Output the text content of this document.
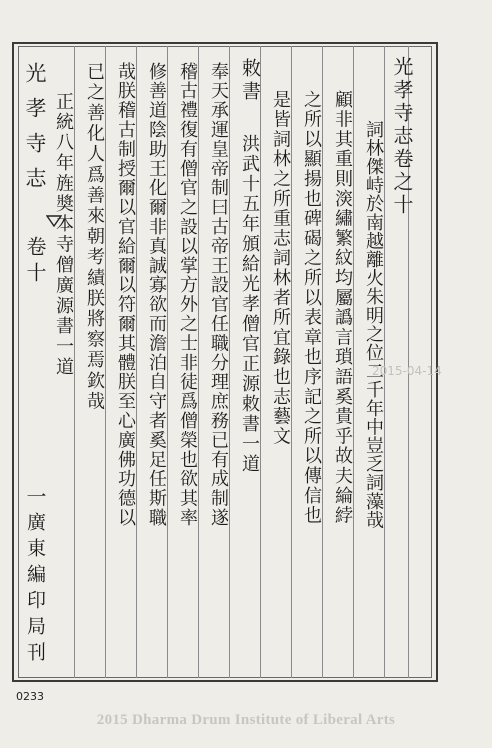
光孝寺志
卷十
一
廣東編印局刊
光孝寺志卷之十
詞林傑峙於南越離火朱明之位二千年中豈乏詞藻哉
顧非其重則㴱繡繁紋均屬譌言瑣語奚貴乎故夫綸綍
之所以顯揚也碑碣之所以表章也序記之所以傳信也
是皆詞林之所重志詞林者所宜錄也志藝文
敕書
洪武十五年頒給光孝僧官正源敕書一道
奉天承運皇帝制曰古帝王設官任職分理庶務已有成制遂
稽古禮復有僧官之設以掌方外之士非徒爲僧榮也欲其率
修善道陰助王化爾非真誠寡欲而澹泊自守者奚足任斯職
哉朕稽古制授爾以官給爾以符爾其體朕至心廣佛功德以
已之善化人爲善來朝考績朕將察焉欽哉
0233
2015-04-14
2015 Dharma Drum Institute of Liberal Arts
正統八年旌奬本寺僧廣源書一道
